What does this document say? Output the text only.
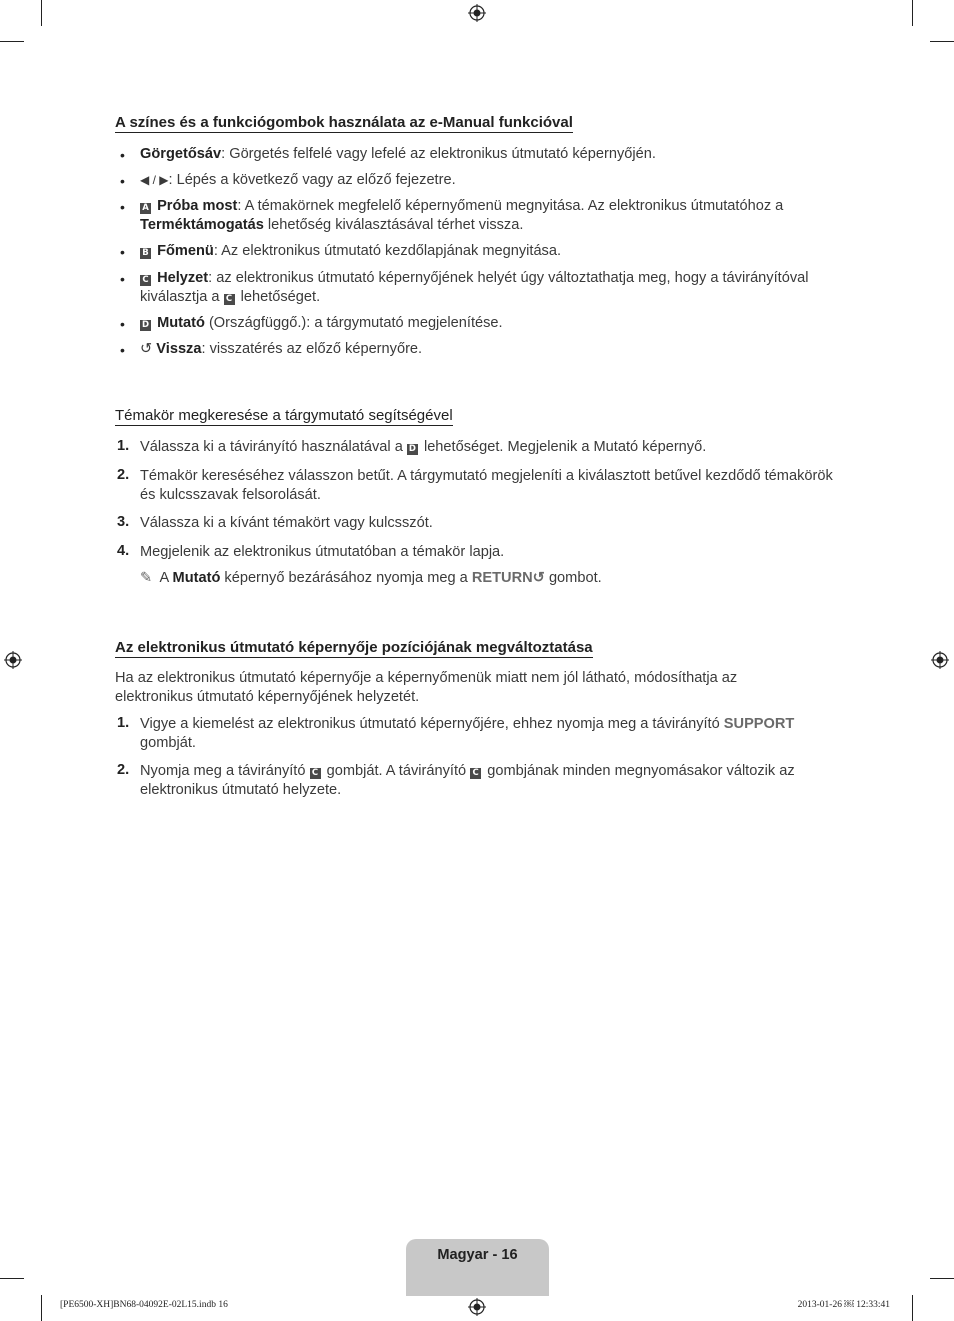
A színes és a funkciógombok használata az e-Manual funkcióval
• Görgetősáv: Görgetés felfelé vagy lefelé az elektronikus útmutató képernyőjén.
• ◀ / ▶: Lépés a következő vagy az előző fejezetre.
• A Próba most: A témakörnek megfelelő képernyőmenü megnyitása. Az elektronikus útmutatóhoz a Terméktámogatás lehetőség kiválasztásával térhet vissza.
• B Főmenü: Az elektronikus útmutató kezdőlapjának megnyitása.
• C Helyzet: az elektronikus útmutató képernyőjének helyét úgy változtathatja meg, hogy a távirányítóval kiválasztja a C lehetőséget.
• D Mutató (Országfüggő.): a tárgymutató megjelenítése.
• ↺ Vissza: visszatérés az előző képernyőre.
Témakör megkeresése a tárgymutató segítségével
1. Válassza ki a távirányító használatával a D lehetőséget. Megjelenik a Mutató képernyő.
2. Témakör kereséséhez válasszon betűt. A tárgymutató megjeleníti a kiválasztott betűvel kezdődő témakörök és kulcsszavak felsorolását.
3. Válassza ki a kívánt témakört vagy kulcsszót.
4. Megjelenik az elektronikus útmutatóban a témakör lapja.
✎ A Mutató képernyő bezárásához nyomja meg a RETURN↺ gombot.
Az elektronikus útmutató képernyője pozíciójának megváltoztatása
Ha az elektronikus útmutató képernyője a képernyőmenük miatt nem jól látható, módosíthatja az elektronikus útmutató képernyőjének helyzetét.
1. Vigye a kiemelést az elektronikus útmutató képernyőjére, ehhez nyomja meg a távirányító SUPPORT gombját.
2. Nyomja meg a távirányító C gombját. A távirányító C gombjának minden megnyomásakor változik az elektronikus útmutató helyzete.
Magyar - 16
[PE6500-XH]BN68-04092E-02L15.indb 16	2013-01-26 ￼ 12:33:41
